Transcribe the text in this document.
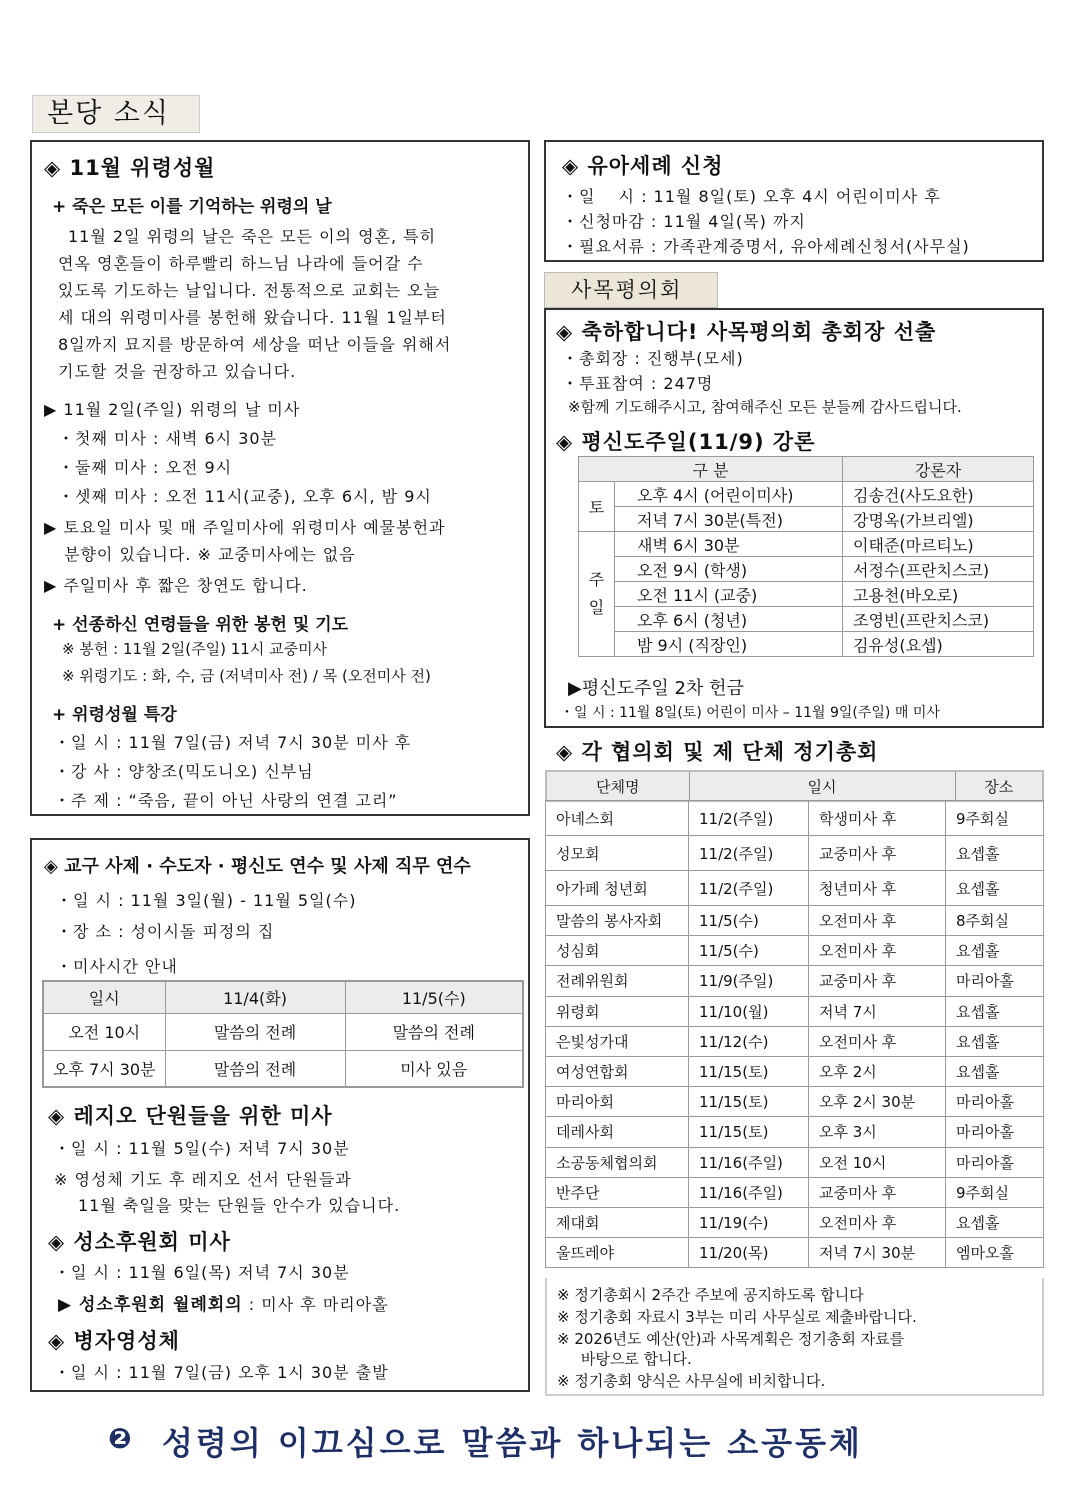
본당 소식
◈ 11월 위령성월
+ 죽은 모든 이를 기억하는 위령의 날
11월 2일 위령의 날은 죽은 모든 이의 영혼, 특히
연옥 영혼들이 하루빨리 하느님 나라에 들어갈 수
있도록 기도하는 날입니다. 전통적으로 교회는 오늘
세 대의 위령미사를 봉헌해 왔습니다. 11월 1일부터
8일까지 묘지를 방문하여 세상을 떠난 이들을 위해서
기도할 것을 권장하고 있습니다.
▶ 11월 2일(주일) 위령의 날 미사
・첫째 미사 : 새벽 6시 30분
・둘째 미사 : 오전 9시
・셋째 미사 : 오전 11시(교중), 오후 6시, 밤 9시
▶ 토요일 미사 및 매 주일미사에 위령미사 예물봉헌과
분향이 있습니다. ※ 교중미사에는 없음
▶ 주일미사 후 짧은 창연도 합니다.
+ 선종하신 연령들을 위한 봉헌 및 기도
※ 봉헌 : 11월 2일(주일) 11시 교중미사
※ 위령기도 : 화, 수, 금 (저녁미사 전) / 목 (오전미사 전)
+ 위령성월 특강
・일 시 : 11월 7일(금) 저녁 7시 30분 미사 후
・강 사 : 양창조(믹도니오) 신부님
・주 제 : “죽음, 끝이 아닌 사랑의 연결 고리”
◈ 교구 사제 · 수도자 · 평신도 연수 및 사제 직무 연수
・일 시 : 11월 3일(월) - 11월 5일(수)
・장 소 : 성이시돌 피정의 집
・미사시간 안내
일시	11/4(화)	11/5(수)
오전 10시	말씀의 전례	말씀의 전례
오후 7시 30분	말씀의 전례	미사 있음
◈ 레지오 단원들을 위한 미사
・일 시 : 11월 5일(수) 저녁 7시 30분
※ 영성체 기도 후 레지오 선서 단원들과
11월 축일을 맞는 단원들 안수가 있습니다.
◈ 성소후원회 미사
・일 시 : 11월 6일(목) 저녁 7시 30분
▶ 성소후원회 월례회의 : 미사 후 마리아홀
◈ 병자영성체
・일 시 : 11월 7일(금) 오후 1시 30분 출발
◈ 유아세례 신청
・일　 시 : 11월 8일(토) 오후 4시 어린이미사 후
・신청마감 : 11월 4일(목) 까지
・필요서류 : 가족관계증명서, 유아세례신청서(사무실)
사목평의회
◈ 축하합니다! 사목평의회 총회장 선출
・총회장 : 진행부(모세)
・투표참여 : 247명
※함께 기도해주시고, 참여해주신 모든 분들께 감사드립니다.
◈ 평신도주일(11/9) 강론
구 분		강론자
토	오후 4시 (어린이미사)	김송건(사도요한)
	저녁 7시 30분(특전)	강명옥(가브리엘)
주
일	새벽 6시 30분	이태준(마르티노)
	오전 9시 (학생)	서정수(프란치스코)
	오전 11시 (교중)	고용천(바오로)
	오후 6시 (청년)	조영빈(프란치스코)
	밤 9시 (직장인)	김유성(요셉)
▶평신도주일 2차 헌금
・일 시 : 11월 8일(토) 어린이 미사 – 11월 9일(주일) 매 미사
◈ 각 협의회 및 제 단체 정기총회
단체명	일시	장소
아녜스회	11/2(주일)	학생미사 후	9주회실
성모회	11/2(주일)	교중미사 후	요셉홀
아가페 청년회	11/2(주일)	청년미사 후	요셉홀
말씀의 봉사자회	11/5(수)	오전미사 후	8주회실
성심회	11/5(수)	오전미사 후	요셉홀
전례위원회	11/9(주일)	교중미사 후	마리아홀
위령회	11/10(월)	저녁 7시	요셉홀
은빛성가대	11/12(수)	오전미사 후	요셉홀
여성연합회	11/15(토)	오후 2시	요셉홀
마리아회	11/15(토)	오후 2시 30분	마리아홀
데레사회	11/15(토)	오후 3시	마리아홀
소공동체협의회	11/16(주일)	오전 10시	마리아홀
반주단	11/16(주일)	교중미사 후	9주회실
제대회	11/19(수)	오전미사 후	요셉홀
울뜨레야	11/20(목)	저녁 7시 30분	엠마오홀
※ 정기총회시 2주간 주보에 공지하도록 합니다
※ 정기총회 자료시 3부는 미리 사무실로 제출바랍니다.
※ 2026년도 예산(안)과 사목계획은 정기총회 자료를
바탕으로 합니다.
※ 정기총회 양식은 사무실에 비치합니다.
❷ 성령의 이끄심으로 말씀과 하나되는 소공동체
